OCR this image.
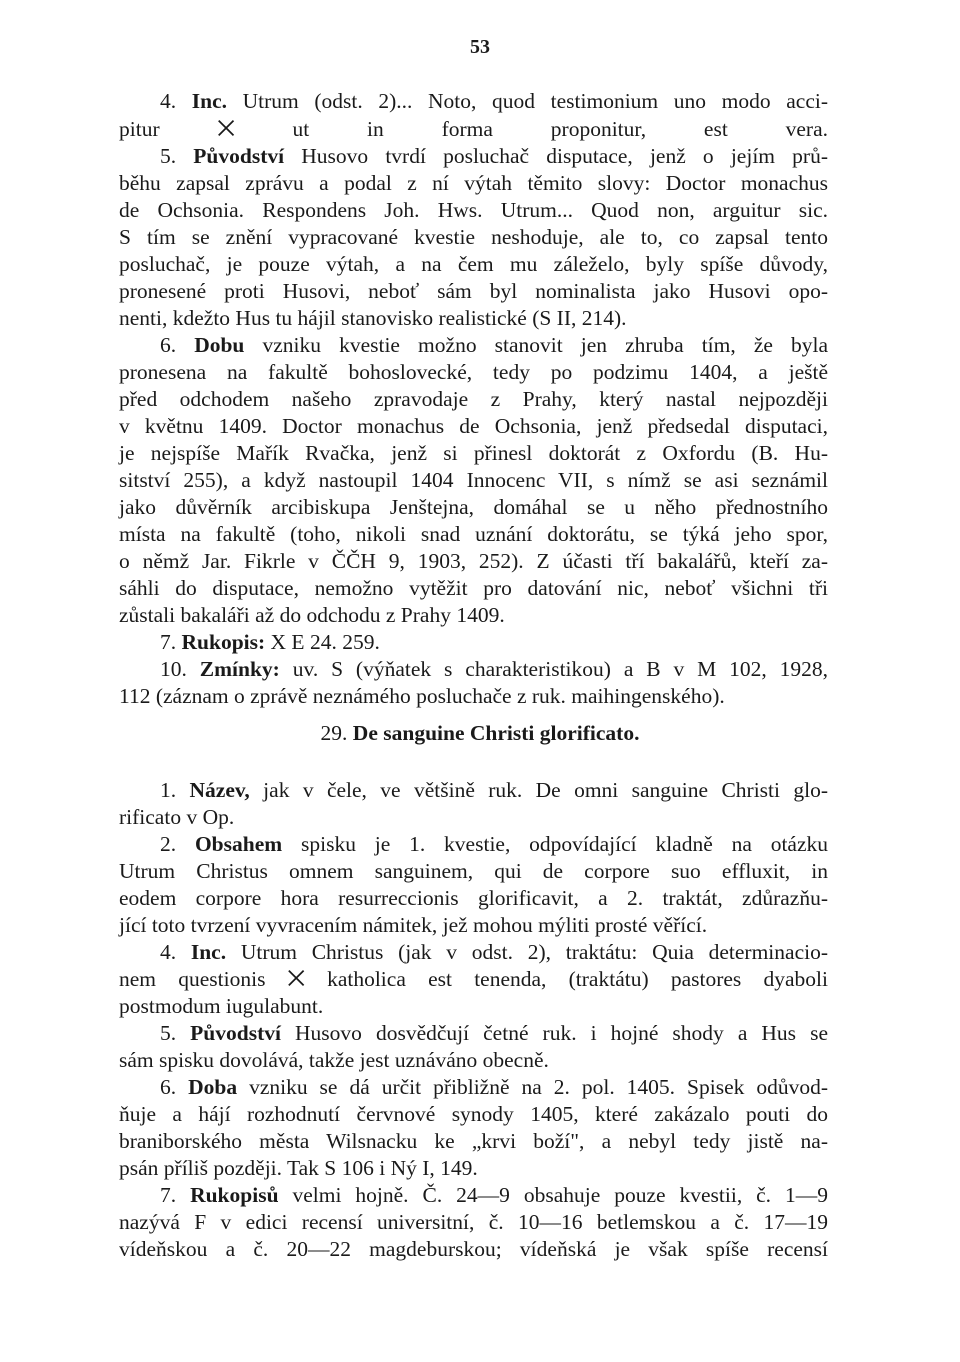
53
29. De sanguine Christi glorificato.
4. Inc. Utrum (odst. 2)... Noto, quod testimonium uno modo acci-
pitur ⨉ ut in forma proponitur, est vera.
5. Původství Husovo tvrdí posluchač disputace, jenž o jejím prů-
běhu zapsal zprávu a podal z ní výtah těmito slovy: Doctor monachus
de Ochsonia. Respondens Joh. Hws. Utrum... Quod non, arguitur sic.
S tím se znění vypracované kvestie neshoduje, ale to, co zapsal tento
posluchač, je pouze výtah, a na čem mu záleželo, byly spíše důvody,
pronesené proti Husovi, neboť sám byl nominalista jako Husovi opo-
nenti, kdežto Hus tu hájil stanovisko realistické (S II, 214).
6. Dobu vzniku kvestie možno stanovit jen zhruba tím, že byla
pronesena na fakultě bohoslovecké, tedy po podzimu 1404, a ještě
před odchodem našeho zpravodaje z Prahy, který nastal nejpozději
v květnu 1409. Doctor monachus de Ochsonia, jenž předsedal disputaci,
je nejspíše Mařík Rvačka, jenž si přinesl doktorát z Oxfordu (B. Hu-
sitství 255), a když nastoupil 1404 Innocenc VII, s nímž se asi seznámil
jako důvěrník arcibiskupa Jenštejna, domáhal se u něho přednostního
místa na fakultě (toho, nikoli snad uznání doktorátu, se týká jeho spor,
o němž Jar. Fikrle v ČČH 9, 1903, 252). Z účasti tří bakalářů, kteří za-
sáhli do disputace, nemožno vytěžit pro datování nic, neboť všichni tři
zůstali bakaláři až do odchodu z Prahy 1409.
7. Rukopis: X E 24. 259.
10. Zmínky: uv. S (výňatek s charakteristikou) a B v M 102, 1928,
112 (záznam o zprávě neznámého posluchače z ruk. maihingenského).
1. Název, jak v čele, ve většině ruk. De omni sanguine Christi glo-
rificato v Op.
2. Obsahem spisku je 1. kvestie, odpovídající kladně na otázku
Utrum Christus omnem sanguinem, qui de corpore suo effluxit, in
eodem corpore hora resurreccionis glorificavit, a 2. traktát, zdůrazňu-
jící toto tvrzení vyvracením námitek, jež mohou mýliti prosté věřící.
4. Inc. Utrum Christus (jak v odst. 2), traktátu: Quia determinacio-
nem questionis ⨉ katholica est tenenda, (traktátu) pastores dyaboli
postmodum iugulabunt.
5. Původství Husovo dosvědčují četné ruk. i hojné shody a Hus se
sám spisku dovolává, takže jest uznáváno obecně.
6. Doba vzniku se dá určit přibližně na 2. pol. 1405. Spisek odůvod-
ňuje a hájí rozhodnutí červnové synody 1405, které zakázalo pouti do
braniborského města Wilsnacku ke „krvi boží", a nebyl tedy jistě na-
psán příliš později. Tak S 106 i Ný I, 149.
7. Rukopisů velmi hojně. Č. 24—9 obsahuje pouze kvestii, č. 1—9
nazývá F v edici recensí universitní, č. 10—16 betlemskou a č. 17—19
vídeňskou a č. 20—22 magdeburskou; vídeňská je však spíše recensí
